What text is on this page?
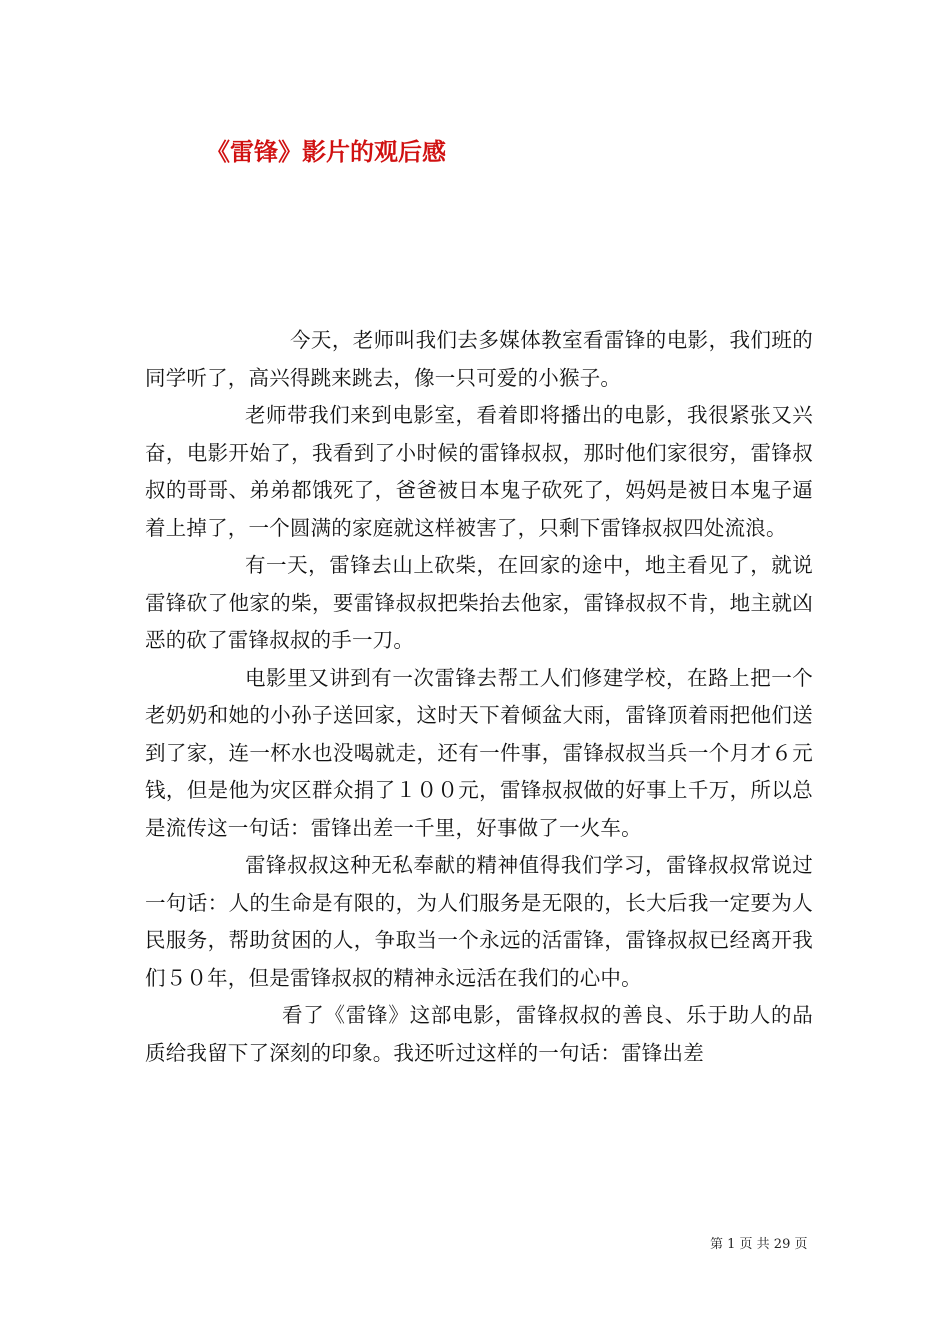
《雷锋》影片的观后感

今天，老师叫我们去多媒体教室看雷锋的电影，我们班的同学听了，高兴得跳来跳去，像一只可爱的小猴子。

老师带我们来到电影室，看着即将播出的电影，我很紧张又兴奋，电影开始了，我看到了小时候的雷锋叔叔，那时他们家很穷，雷锋叔叔的哥哥、弟弟都饿死了，爸爸被日本鬼子砍死了，妈妈是被日本鬼子逼着上掉了，一个圆满的家庭就这样被害了，只剩下雷锋叔叔四处流浪。

有一天，雷锋去山上砍柴，在回家的途中，地主看见了，就说雷锋砍了他家的柴，要雷锋叔叔把柴抬去他家，雷锋叔叔不肯，地主就凶恶的砍了雷锋叔叔的手一刀。

电影里又讲到有一次雷锋去帮工人们修建学校，在路上把一个老奶奶和她的小孙子送回家，这时天下着倾盆大雨，雷锋顶着雨把他们送到了家，连一杯水也没喝就走，还有一件事，雷锋叔叔当兵一个月才６元钱，但是他为灾区群众捐了１００元，雷锋叔叔做的好事上千万，所以总是流传这一句话：雷锋出差一千里，好事做了一火车。

雷锋叔叔这种无私奉献的精神值得我们学习，雷锋叔叔常说过一句话：人的生命是有限的，为人们服务是无限的，长大后我一定要为人民服务，帮助贫困的人，争取当一个永远的活雷锋，雷锋叔叔已经离开我们５０年，但是雷锋叔叔的精神永远活在我们的心中。

看了《雷锋》这部电影，雷锋叔叔的善良、乐于助人的品质给我留下了深刻的印象。我还听过这样的一句话：雷锋出差

第 1 页 共 29 页
